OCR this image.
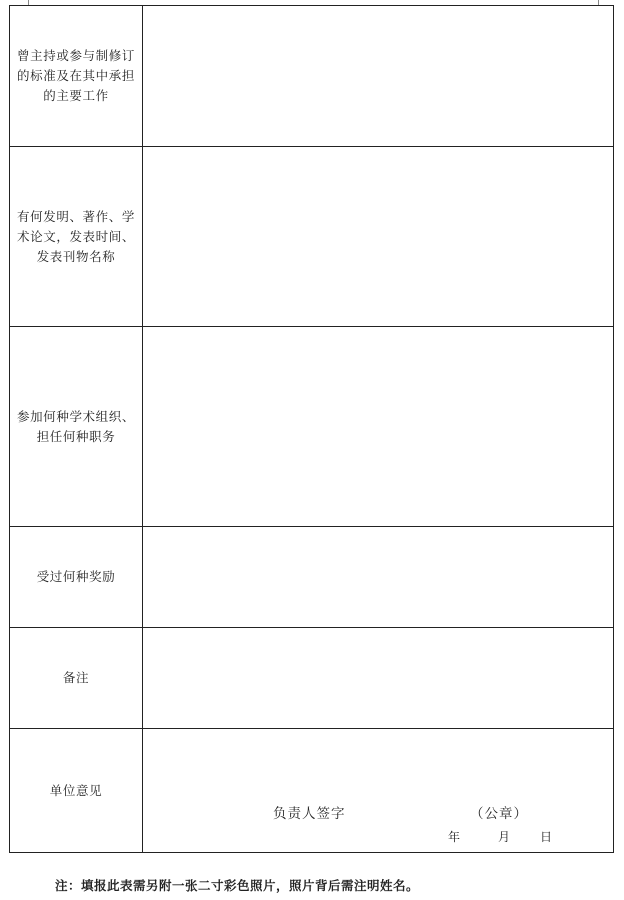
曾主持或参与制修订
的标准及在其中承担
的主要工作	

有何发明、著作、学
术论文，发表时间、
发表刊物名称	

参加何种学术组织、
担任何种职务	

受过何种奖励	

备注	

单位意见	负责人签字 （公章）
年 月 日
注：填报此表需另附一张二寸彩色照片，照片背后需注明姓名。
